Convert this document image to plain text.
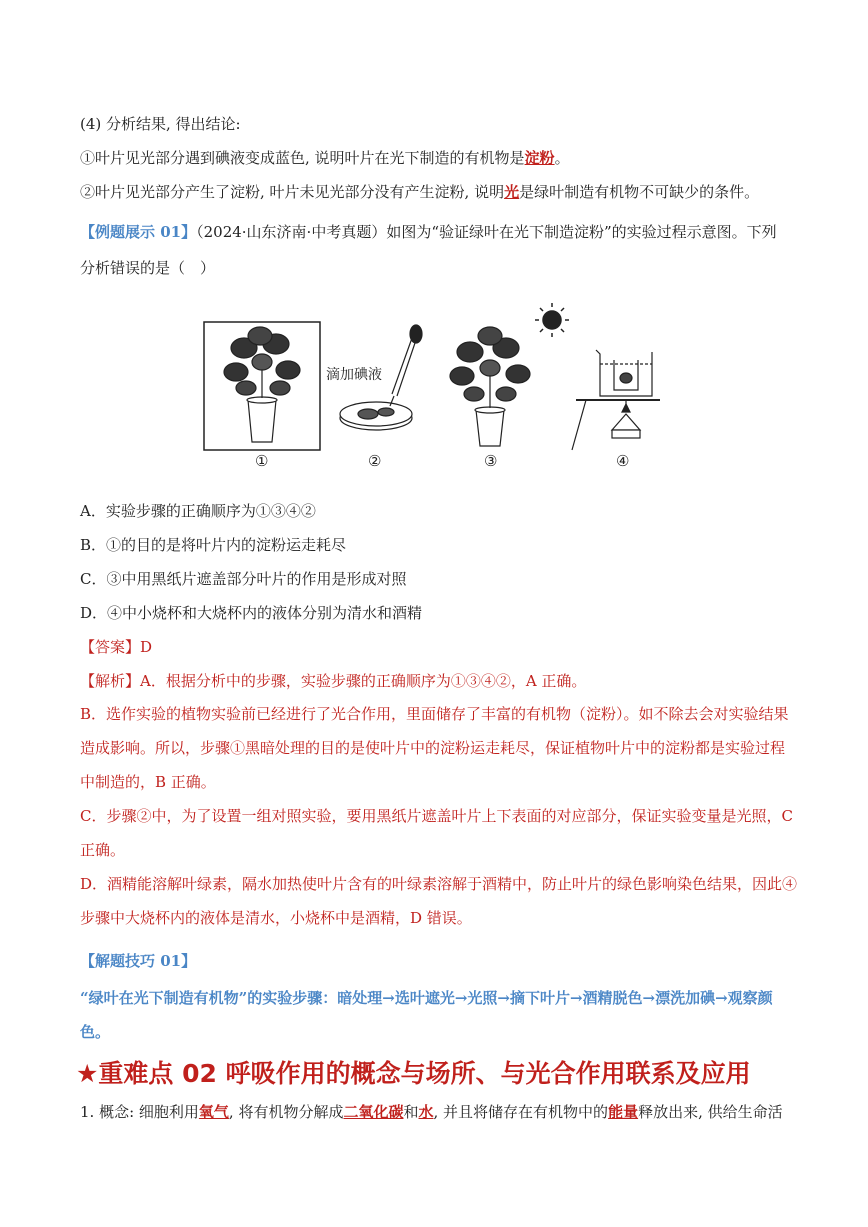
(4) 分析结果, 得出结论:
①叶片见光部分遇到碘液变成蓝色, 说明叶片在光下制造的有机物是淀粉。
②叶片见光部分产生了淀粉, 叶片未见光部分没有产生淀粉, 说明光是绿叶制造有机物不可缺少的条件。
【例题展示 01】（2024·山东济南·中考真题）如图为“验证绿叶在光下制造淀粉”的实验过程示意图。下列
分析错误的是（　）
滴加碘液
①	②	③	④
A．实验步骤的正确顺序为①③④②
B．①的目的是将叶片内的淀粉运走耗尽
C．③中用黑纸片遮盖部分叶片的作用是形成对照
D．④中小烧杯和大烧杯内的液体分别为清水和酒精
【答案】D
【解析】A．根据分析中的步骤，实验步骤的正确顺序为①③④②，A 正确。
B．选作实验的植物实验前已经进行了光合作用，里面储存了丰富的有机物（淀粉）。如不除去会对实验结果造成影响。所以，步骤①黑暗处理的目的是使叶片中的淀粉运走耗尽，保证植物叶片中的淀粉都是实验过程中制造的，B 正确。
C．步骤②中，为了设置一组对照实验，要用黑纸片遮盖叶片上下表面的对应部分，保证实验变量是光照，C 正确。
D．酒精能溶解叶绿素，隔水加热使叶片含有的叶绿素溶解于酒精中，防止叶片的绿色影响染色结果，因此④步骤中大烧杯内的液体是清水，小烧杯中是酒精，D 错误。
【解题技巧 01】
“绿叶在光下制造有机物”的实验步骤：暗处理→选叶遮光→光照→摘下叶片→酒精脱色→漂洗加碘→观察颜色。
★重难点 02 呼吸作用的概念与场所、与光合作用联系及应用
1. 概念: 细胞利用氧气, 将有机物分解成二氧化碳和水, 并且将储存在有机物中的能量释放出来, 供给生命活
